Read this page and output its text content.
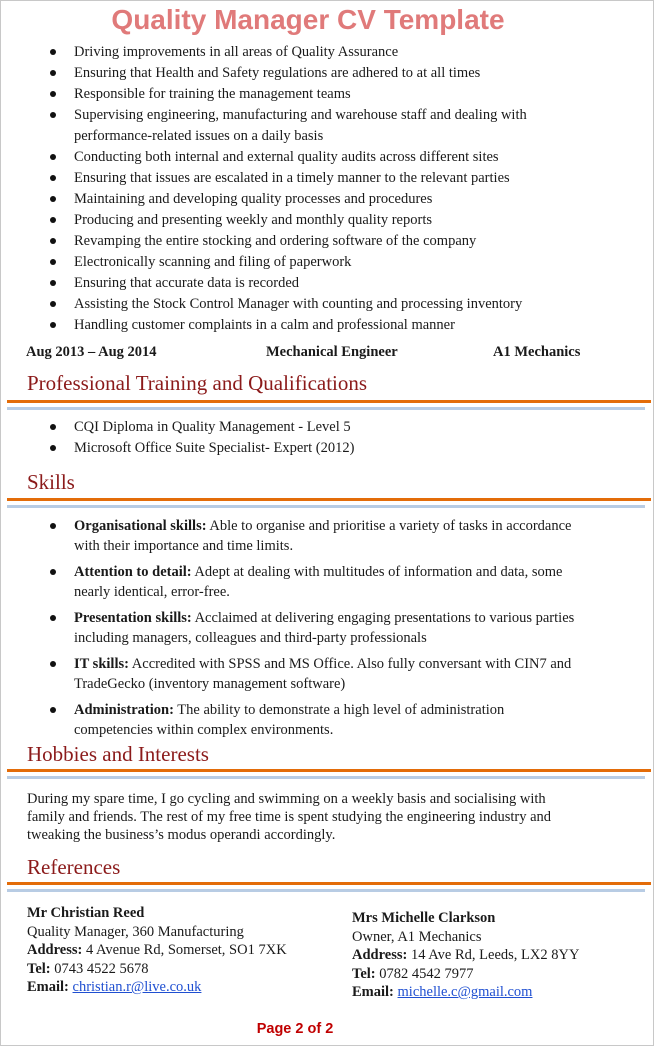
Quality Manager CV Template
Driving improvements in all areas of Quality Assurance
Ensuring that Health and Safety regulations are adhered to at all times
Responsible for training the management teams
Supervising engineering, manufacturing and warehouse staff and dealing with performance-related issues on a daily basis
Conducting both internal and external quality audits across different sites
Ensuring that issues are escalated in a timely manner to the relevant parties
Maintaining and developing quality processes and procedures
Producing and presenting weekly and monthly quality reports
Revamping the entire stocking and ordering software of the company
Electronically scanning and filing of paperwork
Ensuring that accurate data is recorded
Assisting the Stock Control Manager with counting and processing inventory
Handling customer complaints in a calm and professional manner
Aug 2013 – Aug 2014	Mechanical Engineer	A1 Mechanics
Professional Training and Qualifications
CQI Diploma in Quality Management - Level 5
Microsoft Office Suite Specialist- Expert (2012)
Skills
Organisational skills: Able to organise and prioritise a variety of tasks in accordance with their importance and time limits.
Attention to detail: Adept at dealing with multitudes of information and data, some nearly identical, error-free.
Presentation skills: Acclaimed at delivering engaging presentations to various parties including managers, colleagues and third-party professionals
IT skills: Accredited with SPSS and MS Office. Also fully conversant with CIN7 and TradeGecko (inventory management software)
Administration: The ability to demonstrate a high level of administration competencies within complex environments.
Hobbies and Interests
During my spare time, I go cycling and swimming on a weekly basis and socialising with family and friends. The rest of my free time is spent studying the engineering industry and tweaking the business’s modus operandi accordingly.
References
Mr Christian Reed
Quality Manager, 360 Manufacturing
Address: 4 Avenue Rd, Somerset, SO1 7XK
Tel: 0743 4522 5678
Email: christian.r@live.co.uk
Mrs Michelle Clarkson
Owner, A1 Mechanics
Address: 14 Ave Rd, Leeds, LX2 8YY
Tel: 0782 4542 7977
Email: michelle.c@gmail.com
Page 2 of 2
